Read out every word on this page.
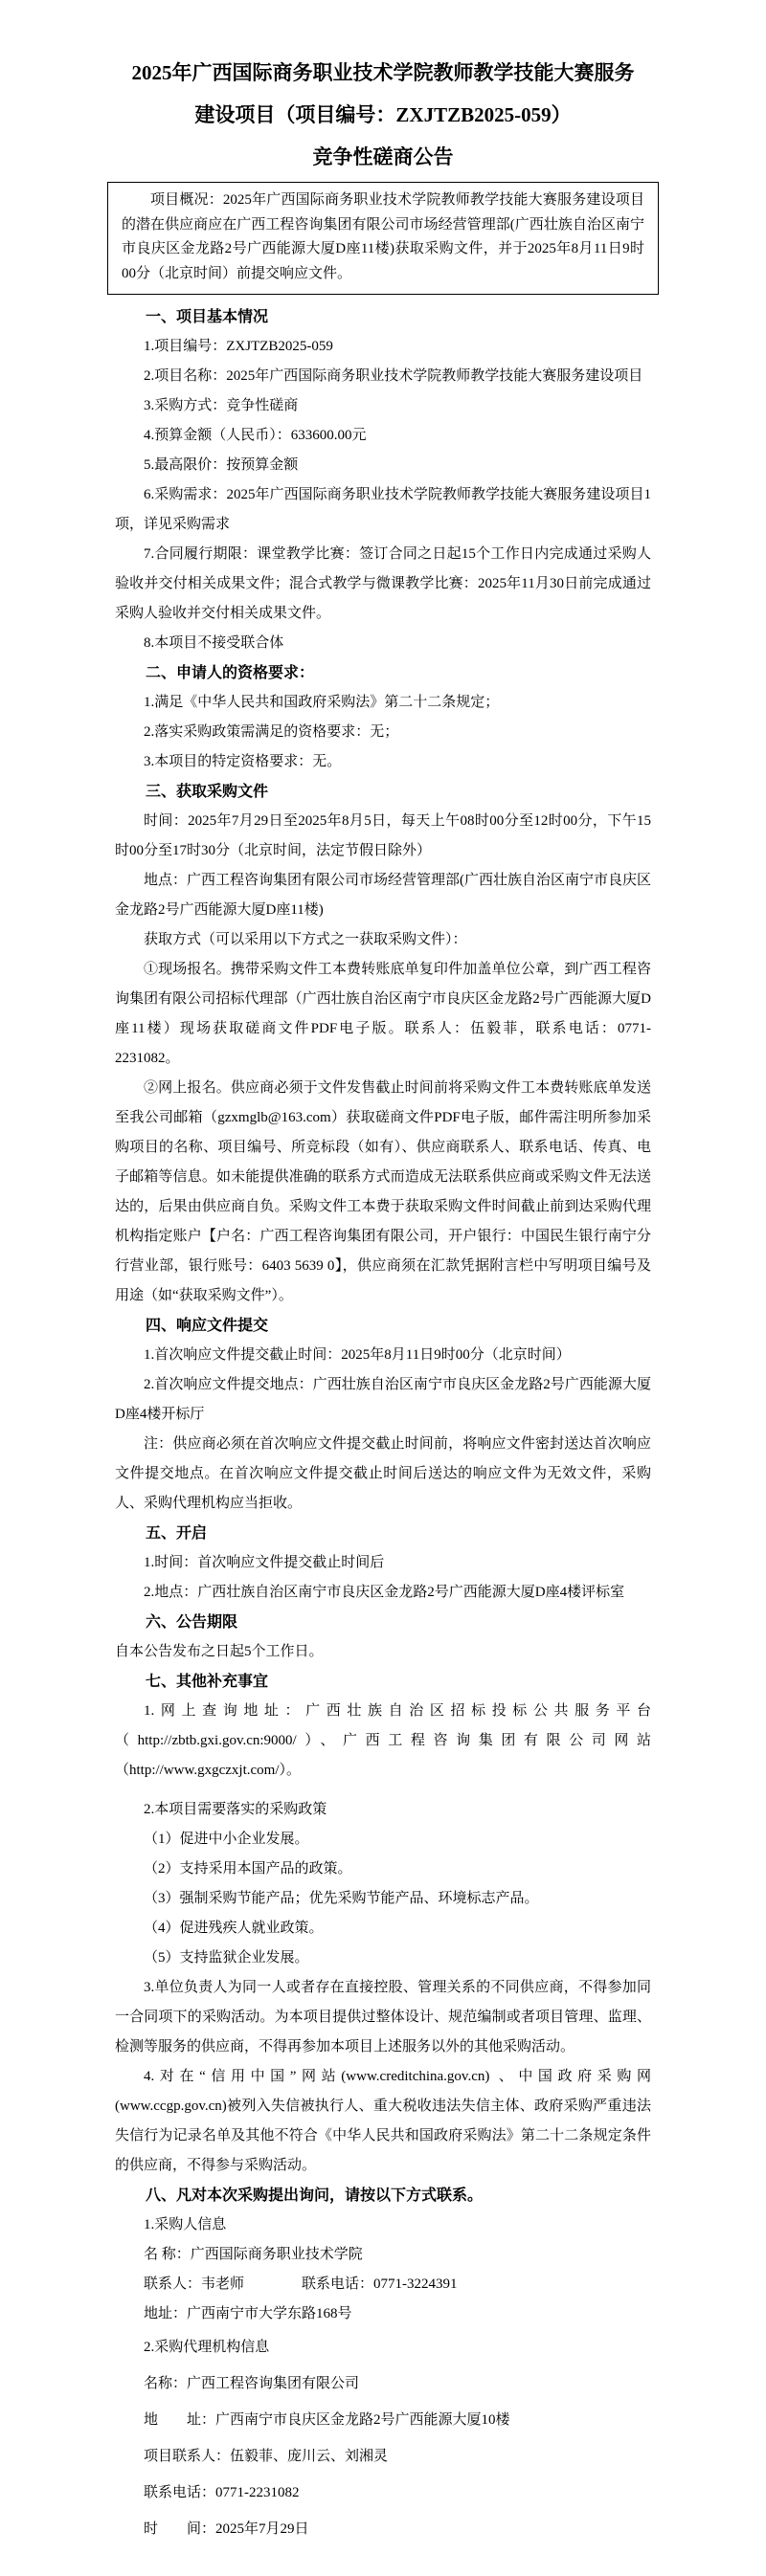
2025年广西国际商务职业技术学院教师教学技能大赛服务
建设项目（项目编号：ZXJTZB2025-059）
竞争性磋商公告

项目概况：2025年广西国际商务职业技术学院教师教学技能大赛服务建设项目的潜在供应商应在广西工程咨询集团有限公司市场经营管理部(广西壮族自治区南宁市良庆区金龙路2号广西能源大厦D座11楼)获取采购文件，并于2025年8月11日9时00分（北京时间）前提交响应文件。

一、项目基本情况

1.项目编号：ZXJTZB2025-059

2.项目名称：2025年广西国际商务职业技术学院教师教学技能大赛服务建设项目

3.采购方式：竞争性磋商

4.预算金额（人民币）：633600.00元

5.最高限价：按预算金额

6.采购需求：2025年广西国际商务职业技术学院教师教学技能大赛服务建设项目1项，详见采购需求

7.合同履行期限：课堂教学比赛：签订合同之日起15个工作日内完成通过采购人验收并交付相关成果文件；混合式教学与微课教学比赛：2025年11月30日前完成通过采购人验收并交付相关成果文件。

8.本项目不接受联合体

二、申请人的资格要求：

1.满足《中华人民共和国政府采购法》第二十二条规定；

2.落实采购政策需满足的资格要求：无；

3.本项目的特定资格要求：无。

三、获取采购文件

时间：2025年7月29日至2025年8月5日，每天上午08时00分至12时00分，下午15时00分至17时30分（北京时间，法定节假日除外）

地点：广西工程咨询集团有限公司市场经营管理部(广西壮族自治区南宁市良庆区金龙路2号广西能源大厦D座11楼)

获取方式（可以采用以下方式之一获取采购文件）：

①现场报名。携带采购文件工本费转账底单复印件加盖单位公章，到广西工程咨询集团有限公司招标代理部（广西壮族自治区南宁市良庆区金龙路2号广西能源大厦D座11楼）现场获取磋商文件PDF电子版。联系人：伍毅菲，联系电话：0771-2231082。

②网上报名。供应商必须于文件发售截止时间前将采购文件工本费转账底单发送至我公司邮箱（gzxmglb@163.com）获取磋商文件PDF电子版，邮件需注明所参加采购项目的名称、项目编号、所竞标段（如有）、供应商联系人、联系电话、传真、电子邮箱等信息。如未能提供准确的联系方式而造成无法联系供应商或采购文件无法送达的，后果由供应商自负。采购文件工本费于获取采购文件时间截止前到达采购代理机构指定账户【户名：广西工程咨询集团有限公司，开户银行：中国民生银行南宁分行营业部，银行账号：6403 5639 0】，供应商须在汇款凭据附言栏中写明项目编号及用途（如“获取采购文件”）。

四、响应文件提交

1.首次响应文件提交截止时间：2025年8月11日9时00分（北京时间）

2.首次响应文件提交地点：广西壮族自治区南宁市良庆区金龙路2号广西能源大厦D座4楼开标厅

注：供应商必须在首次响应文件提交截止时间前，将响应文件密封送达首次响应文件提交地点。在首次响应文件提交截止时间后送达的响应文件为无效文件，采购人、采购代理机构应当拒收。

五、开启

1.时间：首次响应文件提交截止时间后

2.地点：广西壮族自治区南宁市良庆区金龙路2号广西能源大厦D座4楼评标室

六、公告期限

自本公告发布之日起5个工作日。

七、其他补充事宜

1.网上查询地址：广西壮族自治区招标投标公共服务平台

（http://zbtb.gxi.gov.cn:9000/）、广西工程咨询集团有限公司网站

（http://www.gxgczxjt.com/）。

2.本项目需要落实的采购政策

（1）促进中小企业发展。

（2）支持采用本国产品的政策。

（3）强制采购节能产品；优先采购节能产品、环境标志产品。

（4）促进残疾人就业政策。

（5）支持监狱企业发展。

3.单位负责人为同一人或者存在直接控股、管理关系的不同供应商，不得参加同一合同项下的采购活动。为本项目提供过整体设计、规范编制或者项目管理、监理、检测等服务的供应商，不得再参加本项目上述服务以外的其他采购活动。

4.对在“信用中国”网站(www.creditchina.gov.cn) 、中国政府采购网(www.ccgp.gov.cn)被列入失信被执行人、重大税收违法失信主体、政府采购严重违法失信行为记录名单及其他不符合《中华人民共和国政府采购法》第二十二条规定条件的供应商，不得参与采购活动。

八、凡对本次采购提出询问，请按以下方式联系。

1.采购人信息

名 称：广西国际商务职业技术学院

联系人：韦老师　　　　联系电话：0771-3224391

地址：广西南宁市大学东路168号

2.采购代理机构信息

名称：广西工程咨询集团有限公司

地　　址：广西南宁市良庆区金龙路2号广西能源大厦10楼

项目联系人：伍毅菲、庞川云、刘湘灵

联系电话：0771-2231082

时　　间：2025年7月29日
